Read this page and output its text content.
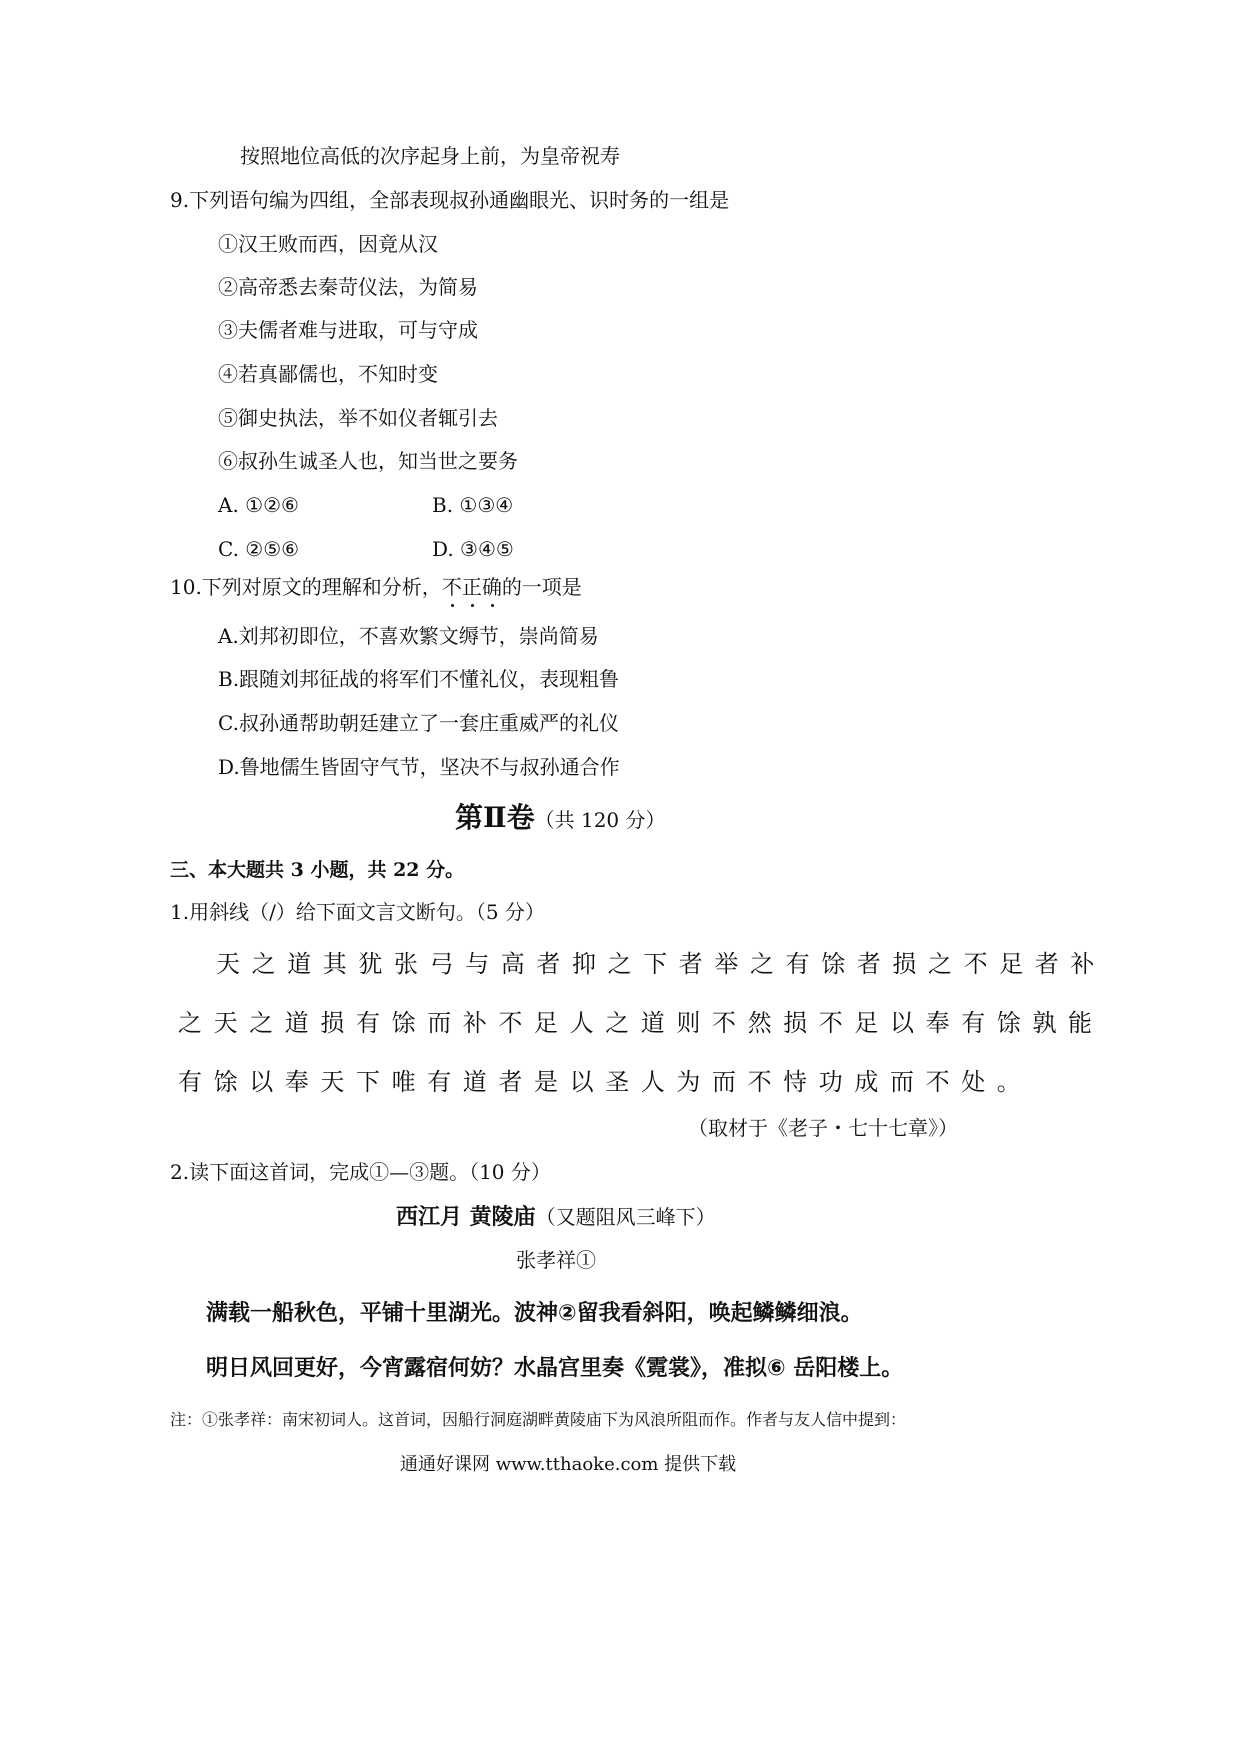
按照地位高低的次序起身上前，为皇帝祝寿
9.下列语句编为四组，全部表现叔孙通幽眼光、识时务的一组是
①汉王败而西，因竟从汉
②高帝悉去秦苛仪法，为简易
③夫儒者难与进取，可与守成
④若真鄙儒也，不知时变
⑤御史执法，举不如仪者辄引去
⑥叔孙生诚圣人也，知当世之要务
A. ①②⑥	B. ①③④
C. ②⑤⑥	D. ③④⑤
10.下列对原文的理解和分析，不正确的一项是
A.刘邦初即位，不喜欢繁文缛节，崇尚简易
B.跟随刘邦征战的将军们不懂礼仪，表现粗鲁
C.叔孙通帮助朝廷建立了一套庄重威严的礼仪
D.鲁地儒生皆固守气节，坚决不与叔孙通合作
第Ⅱ卷（共 120 分）
三、本大题共 3 小题，共 22 分。
1.用斜线（/）给下面文言文断句。（5 分）
天之道其犹张弓与高者抑之下者举之有馀者损之不足者补
之天之道损有馀而补不足人之道则不然损不足以奉有馀孰能
有馀以奉天下唯有道者是以圣人为而不恃功成而不处。
（取材于《老子・七十七章》）
2.读下面这首词，完成①—③题。（10 分）
西江月 黄陵庙（又题阻风三峰下）
张孝祥①
满载一船秋色，平铺十里湖光。波神②留我看斜阳，唤起鳞鳞细浪。
明日风回更好，今宵露宿何妨？水晶宫里奏《霓裳》，准拟⑥ 岳阳楼上。
注：①张孝祥：南宋初词人。这首词，因船行洞庭湖畔黄陵庙下为风浪所阻而作。作者与友人信中提到：
通通好课网 www.tthaoke.com 提供下载
